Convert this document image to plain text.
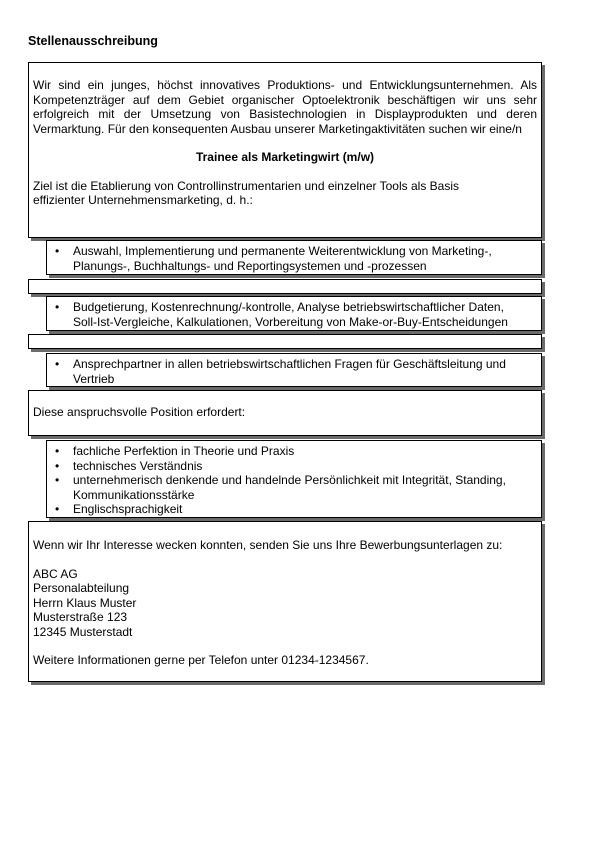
Stellenausschreibung

Wir sind ein junges, höchst innovatives Produktions- und Entwicklungsunternehmen. Als Kompetenzträger auf dem Gebiet organischer Optoelektronik beschäftigen wir uns sehr erfolgreich mit der Umsetzung von Basistechnologien in Displayprodukten und deren Vermarktung. Für den konsequenten Ausbau unserer Marketingaktivitäten suchen wir eine/n

Trainee als Marketingwirt (m/w)

Ziel ist die Etablierung von Controllinstrumentarien und einzelner Tools als Basis
effizienter Unternehmensmarketing, d. h.:

• Auswahl, Implementierung und permanente Weiterentwicklung von Marketing-,
Planungs-, Buchhaltungs- und Reportingsystemen und -prozessen
• Budgetierung, Kostenrechnung/-kontrolle, Analyse betriebswirtschaftlicher Daten,
Soll-Ist-Vergleiche, Kalkulationen, Vorbereitung von Make-or-Buy-Entscheidungen
• Ansprechpartner in allen betriebswirtschaftlichen Fragen für Geschäftsleitung und
Vertrieb

Diese anspruchsvolle Position erfordert:

• fachliche Perfektion in Theorie und Praxis
• technisches Verständnis
• unternehmerisch denkende und handelnde Persönlichkeit mit Integrität, Standing,
Kommunikationsstärke
• Englischsprachigkeit

Wenn wir Ihr Interesse wecken konnten, senden Sie uns Ihre Bewerbungsunterlagen zu:

ABC AG

Personalabteilung

Herrn Klaus Muster

Musterstraße 123

12345 Musterstadt

Weitere Informationen gerne per Telefon unter 01234-1234567.
